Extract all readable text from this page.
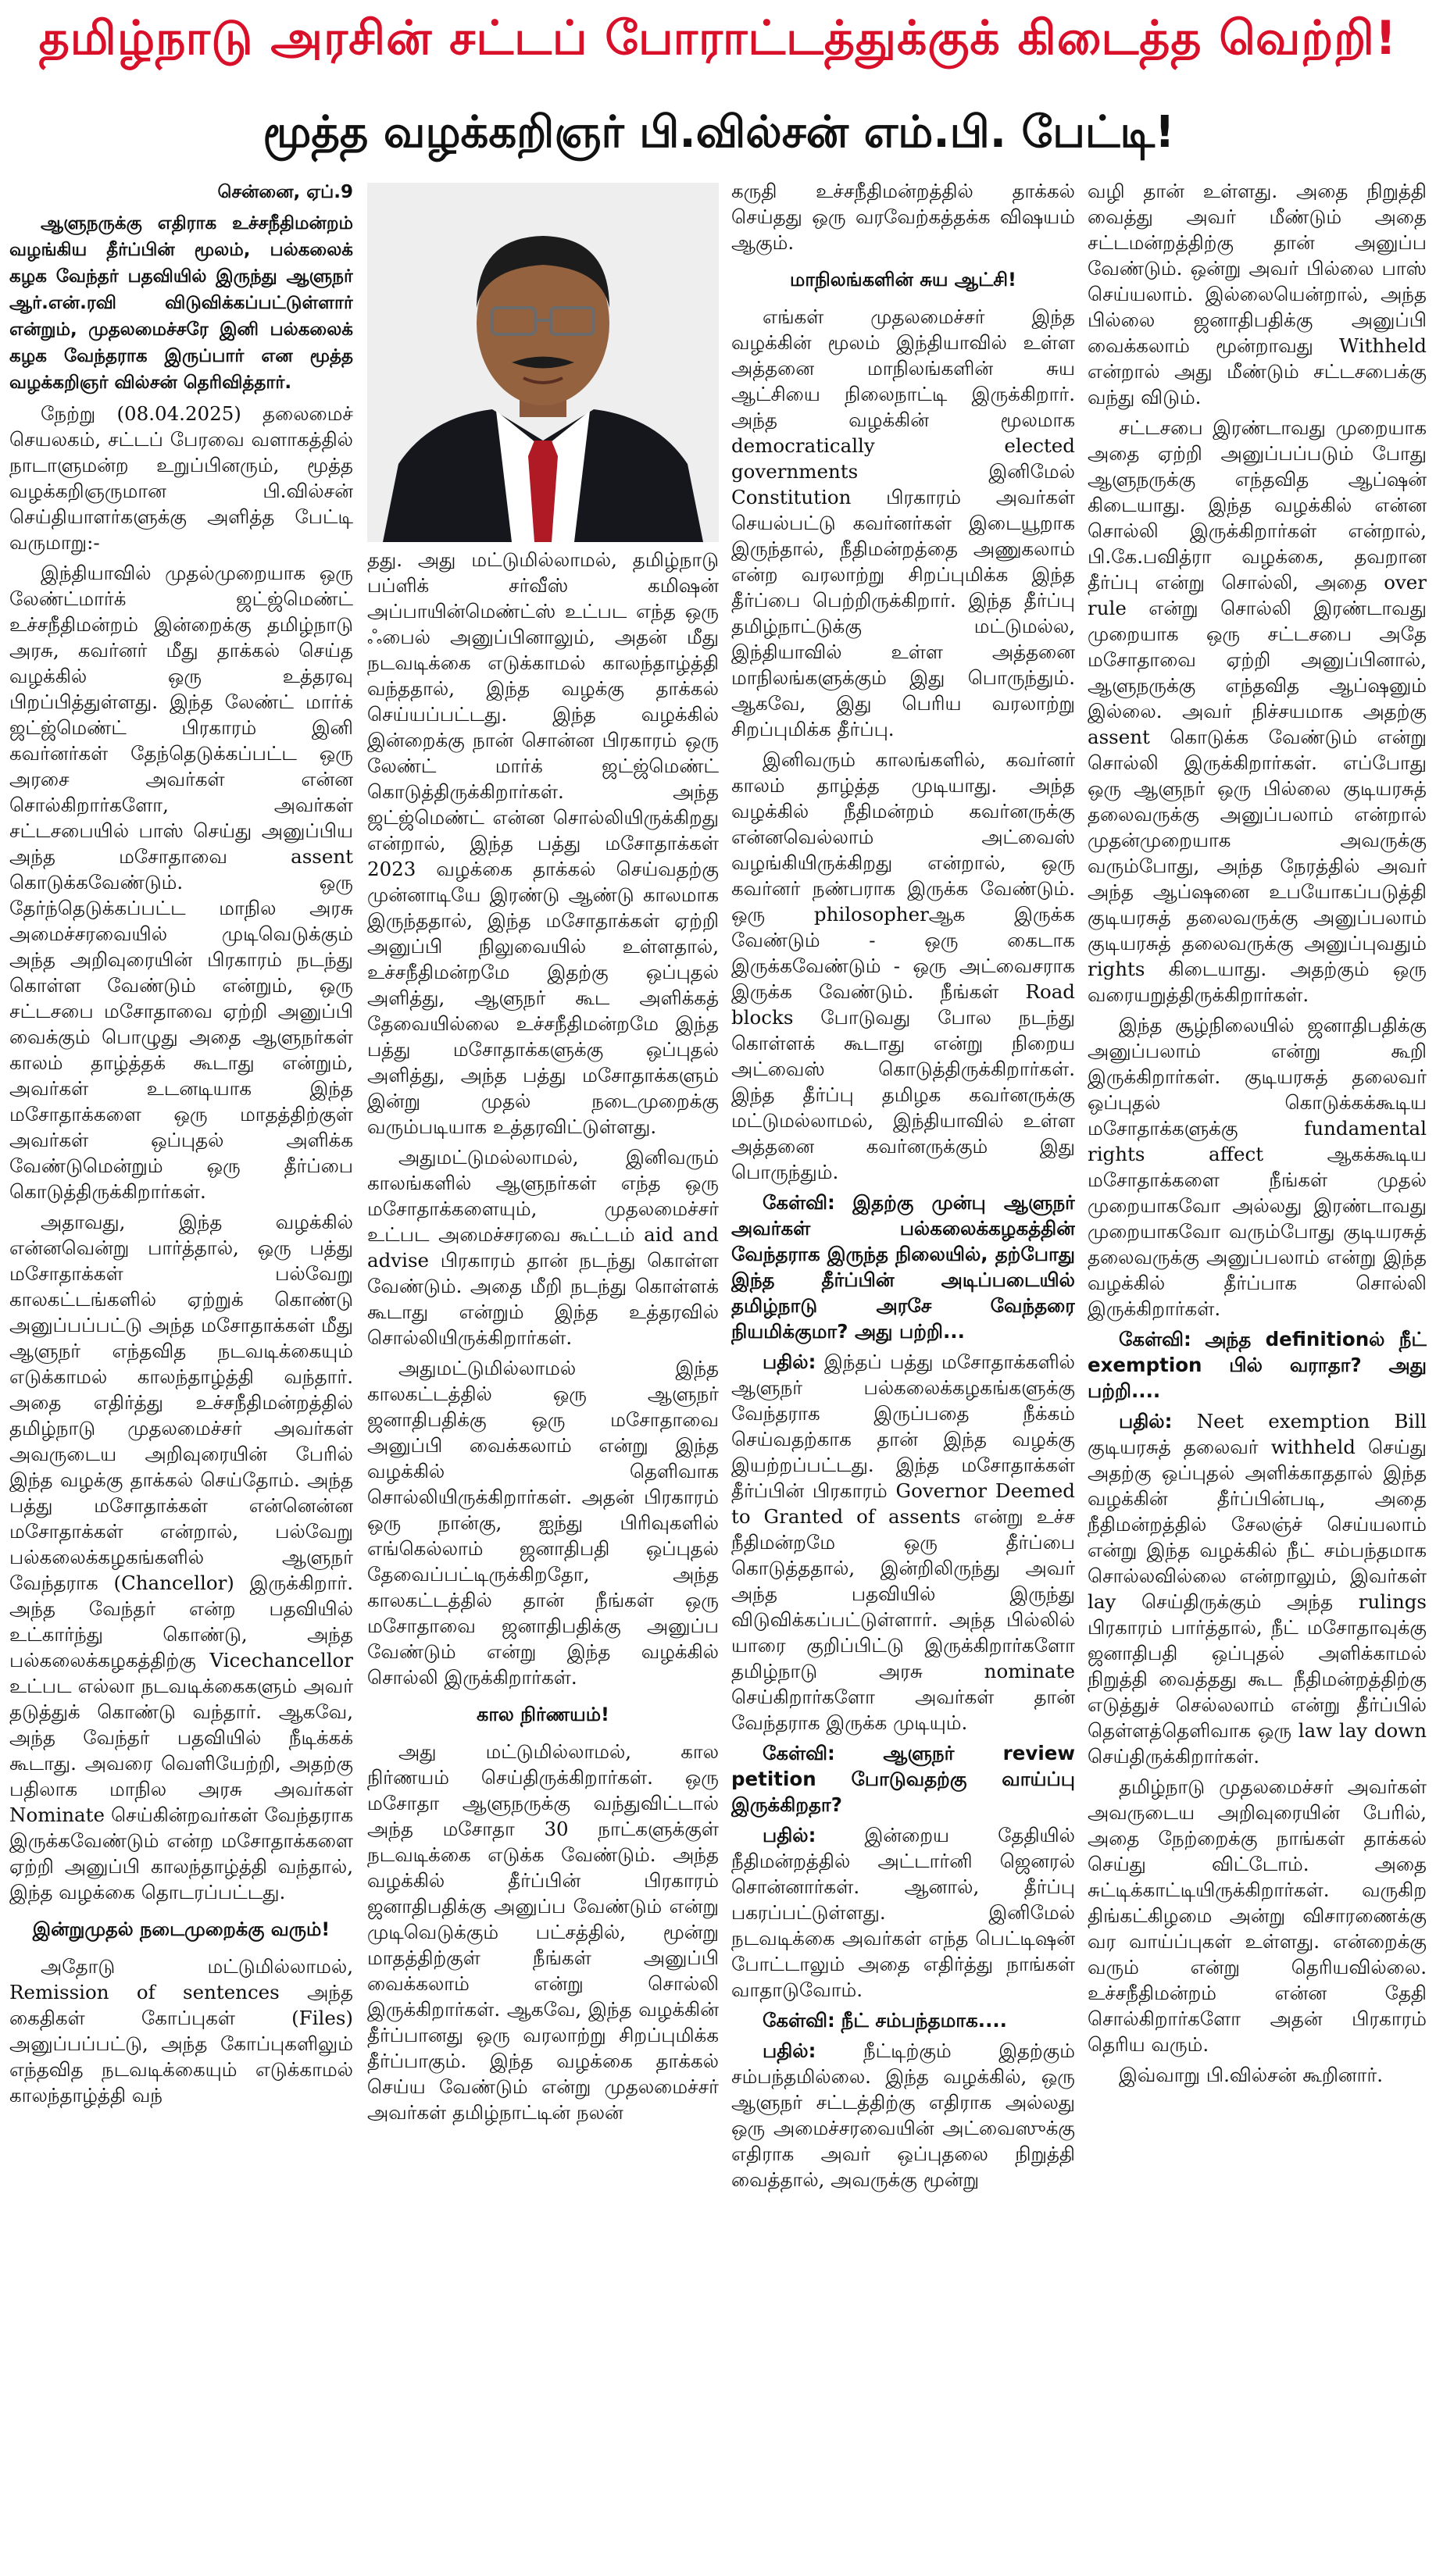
தமிழ்நாடு அரசின் சட்டப் போராட்டத்துக்குக் கிடைத்த வெற்றி!
மூத்த வழக்கறிஞர் பி.வில்சன் எம்.பி. பேட்டி!
சென்னை, ஏப்.9

ஆளுநருக்கு எதிராக உச்சநீதிமன்றம் வழங்கிய தீர்ப்பின் மூலம், பல்கலைக் கழக வேந்தர் பதவியில் இருந்து ஆளுநர் ஆர்.என்.ரவி விடுவிக்கப்பட்டுள்ளார் என்றும், முதலமைச்சரே இனி பல்கலைக் கழக வேந்தராக இருப்பார் என மூத்த வழக்கறிஞர் வில்சன் தெரிவித்தார்.

நேற்று (08.04.2025) தலைமைச் செயலகம், சட்டப் பேரவை வளாகத்தில் நாடாளுமன்ற உறுப்பினரும், மூத்த வழக்கறிஞருமான பி.வில்சன் செய்தியாளர்களுக்கு அளித்த பேட்டி வருமாறு:-

இந்தியாவில் முதல்முறையாக ஒரு லேண்ட்மார்க் ஜட்ஜ்மெண்ட் உச்சநீதிமன்றம் இன்றைக்கு தமிழ்நாடு அரசு, கவர்னர் மீது தாக்கல் செய்த வழக்கில் ஒரு உத்தரவு பிறப்பித்துள்ளது. இந்த லேண்ட் மார்க் ஜட்ஜ்மெண்ட் பிரகாரம் இனி கவர்னர்கள் தேந்தெடுக்கப்பட்ட ஒரு அரசை அவர்கள் என்ன சொல்கிறார்களோ, அவர்கள் சட்டசபையில் பாஸ் செய்து அனுப்பிய அந்த மசோதாவை assent கொடுக்கவேண்டும். ஒரு தேர்ந்தெடுக்கப்பட்ட மாநில அரசு அமைச்சரவையில் முடிவெடுக்கும் அந்த அறிவுரையின் பிரகாரம் நடந்து கொள்ள வேண்டும் என்றும், ஒரு சட்டசபை மசோதாவை ஏற்றி அனுப்பி வைக்கும் பொழுது அதை ஆளுநர்கள் காலம் தாழ்த்தக் கூடாது என்றும், அவர்கள் உடனடியாக இந்த மசோதாக்களை ஒரு மாதத்திற்குள் அவர்கள் ஒப்புதல் அளிக்க வேண்டுமென்றும் ஒரு தீர்ப்பை கொடுத்திருக்கிறார்கள்.

அதாவது, இந்த வழக்கில் என்னவென்று பார்த்தால், ஒரு பத்து மசோதாக்கள் பல்வேறு காலகட்டங்களில் ஏற்றுக் கொண்டு அனுப்பப்பட்டு அந்த மசோதாக்கள் மீது ஆளுநர் எந்தவித நடவடிக்கையும் எடுக்காமல் காலந்தாழ்த்தி வந்தார். அதை எதிர்த்து உச்சநீதிமன்றத்தில் தமிழ்நாடு முதலமைச்சர் அவர்கள் அவருடைய அறிவுரையின் பேரில் இந்த வழக்கு தாக்கல் செய்தோம். அந்த பத்து மசோதாக்கள் என்னென்ன மசோதாக்கள் என்றால், பல்வேறு பல்கலைக்கழகங்களில் ஆளுநர் வேந்தராக (Chancellor) இருக்கிறார். அந்த வேந்தர் என்ற பதவியில் உட்கார்ந்து கொண்டு, அந்த பல்கலைக்கழகத்திற்கு Vicechancellor உட்பட எல்லா நடவடிக்கைகளும் அவர் தடுத்துக் கொண்டு வந்தார். ஆகவே, அந்த வேந்தர் பதவியில் நீடிக்கக் கூடாது. அவரை வெளியேற்றி, அதற்கு பதிலாக மாநில அரசு அவர்கள் Nominate செய்கின்றவர்கள் வேந்தராக இருக்கவேண்டும் என்ற மசோதாக்களை ஏற்றி அனுப்பி காலந்தாழ்த்தி வந்தால், இந்த வழக்கை தொடரப்பட்டது.

இன்றுமுதல் நடைமுறைக்கு வரும்!

அதோடு மட்டுமில்லாமல், Remission of sentences அந்த கைதிகள் கோப்புகள் (Files) அனுப்பப்பட்டு, அந்த கோப்புகளிலும் எந்தவித நடவடிக்கையும் எடுக்காமல் காலந்தாழ்த்தி வந்

தது. அது மட்டுமில்லாமல், தமிழ்நாடு பப்ளிக் சர்வீஸ் கமிஷன் அப்பாயின்மெண்ட்ஸ் உட்பட எந்த ஒரு ஃபைல் அனுப்பினாலும், அதன் மீது நடவடிக்கை எடுக்காமல் காலந்தாழ்த்தி வந்ததால், இந்த வழக்கு தாக்கல் செய்யப்பட்டது. இந்த வழக்கில் இன்றைக்கு நான் சொன்ன பிரகாரம் ஒரு லேண்ட் மார்க் ஜட்ஜ்மெண்ட் கொடுத்திருக்கிறார்கள். அந்த ஜட்ஜ்மெண்ட் என்ன சொல்லியிருக்கிறது என்றால், இந்த பத்து மசோதாக்கள் 2023 வழக்கை தாக்கல் செய்வதற்கு முன்னாடியே இரண்டு ஆண்டு காலமாக இருந்ததால், இந்த மசோதாக்கள் ஏற்றி அனுப்பி நிலுவையில் உள்ளதால், உச்சநீதிமன்றமே இதற்கு ஒப்புதல் அளித்து, ஆளுநர் கூட அளிக்கத் தேவையில்லை உச்சநீதிமன்றமே இந்த பத்து மசோதாக்களுக்கு ஒப்புதல் அளித்து, அந்த பத்து மசோதாக்களும் இன்று முதல் நடைமுறைக்கு வரும்படியாக உத்தரவிட்டுள்ளது.

அதுமட்டுமல்லாமல், இனிவரும் காலங்களில் ஆளுநர்கள் எந்த ஒரு மசோதாக்களையும், முதலமைச்சர் உட்பட அமைச்சரவை கூட்டம் aid and advise பிரகாரம் தான் நடந்து கொள்ள வேண்டும். அதை மீறி நடந்து கொள்ளக் கூடாது என்றும் இந்த உத்தரவில் சொல்லியிருக்கிறார்கள்.

அதுமட்டுமில்லாமல் இந்த காலகட்டத்தில் ஒரு ஆளுநர் ஜனாதிபதிக்கு ஒரு மசோதாவை அனுப்பி வைக்கலாம் என்று இந்த வழக்கில் தெளிவாக சொல்லியிருக்கிறார்கள். அதன் பிரகாரம் ஒரு நான்கு, ஐந்து பிரிவுகளில் எங்கெல்லாம் ஜனாதிபதி ஒப்புதல் தேவைப்பட்டிருக்கிறதோ, அந்த காலகட்டத்தில் தான் நீங்கள் ஒரு மசோதாவை ஜனாதிபதிக்கு அனுப்ப வேண்டும் என்று இந்த வழக்கில் சொல்லி இருக்கிறார்கள்.

கால நிர்ணயம்!

அது மட்டுமில்லாமல், கால நிர்ணயம் செய்திருக்கிறார்கள். ஒரு மசோதா ஆளுநருக்கு வந்துவிட்டால் அந்த மசோதா 30 நாட்களுக்குள் நடவடிக்கை எடுக்க வேண்டும். அந்த வழக்கில் தீர்ப்பின் பிரகாரம் ஜனாதிபதிக்கு அனுப்ப வேண்டும் என்று முடிவெடுக்கும் பட்சத்தில், மூன்று மாதத்திற்குள் நீங்கள் அனுப்பி வைக்கலாம் என்று சொல்லி இருக்கிறார்கள். ஆகவே, இந்த வழக்கின் தீர்ப்பானது ஒரு வரலாற்று சிறப்புமிக்க தீர்ப்பாகும். இந்த வழக்கை தாக்கல் செய்ய வேண்டும் என்று முதலமைச்சர் அவர்கள் தமிழ்நாட்டின் நலன்

கருதி உச்சநீதிமன்றத்தில் தாக்கல் செய்தது ஒரு வரவேற்கத்தக்க விஷயம் ஆகும்.

மாநிலங்களின் சுய ஆட்சி!

எங்கள் முதலமைச்சர் இந்த வழக்கின் மூலம் இந்தியாவில் உள்ள அத்தனை மாநிலங்களின் சுய ஆட்சியை நிலைநாட்டி இருக்கிறார். அந்த வழக்கின் மூலமாக democratically elected governments இனிமேல் Constitution பிரகாரம் அவர்கள் செயல்பட்டு கவர்னர்கள் இடையூறாக இருந்தால், நீதிமன்றத்தை அணுகலாம் என்ற வரலாற்று சிறப்புமிக்க இந்த தீர்ப்பை பெற்றிருக்கிறார். இந்த தீர்ப்பு தமிழ்நாட்டுக்கு மட்டுமல்ல, இந்தியாவில் உள்ள அத்தனை மாநிலங்களுக்கும் இது பொருந்தும். ஆகவே, இது பெரிய வரலாற்று சிறப்புமிக்க தீர்ப்பு.

இனிவரும் காலங்களில், கவர்னர் காலம் தாழ்த்த முடியாது. அந்த வழக்கில் நீதிமன்றம் கவர்னருக்கு என்னவெல்லாம் அட்வைஸ் வழங்கியிருக்கிறது என்றால், ஒரு கவர்னர் நண்பராக இருக்க வேண்டும். ஒரு philosopherஆக இருக்க வேண்டும் - ஒரு கைடாக இருக்கவேண்டும் - ஒரு அட்வைசராக இருக்க வேண்டும். நீங்கள் Road blocks போடுவது போல நடந்து கொள்ளக் கூடாது என்று நிறைய அட்வைஸ் கொடுத்திருக்கிறார்கள். இந்த தீர்ப்பு தமிழக கவர்னருக்கு மட்டுமல்லாமல், இந்தியாவில் உள்ள அத்தனை கவர்னருக்கும் இது பொருந்தும்.

கேள்வி: இதற்கு முன்பு ஆளுநர் அவர்கள் பல்கலைக்கழகத்தின் வேந்தராக இருந்த நிலையில், தற்போது இந்த தீர்ப்பின் அடிப்படையில் தமிழ்நாடு அரசே வேந்தரை நியமிக்குமா? அது பற்றி...

பதில்: இந்தப் பத்து மசோதாக்களில் ஆளுநர் பல்கலைக்கழகங்களுக்கு வேந்தராக இருப்பதை நீக்கம் செய்வதற்காக தான் இந்த வழக்கு இயற்றப்பட்டது. இந்த மசோதாக்கள் தீர்ப்பின் பிரகாரம் Governor Deemed to Granted of assents என்று உச்ச நீதிமன்றமே ஒரு தீர்ப்பை கொடுத்ததால், இன்றிலிருந்து அவர் அந்த பதவியில் இருந்து விடுவிக்கப்பட்டுள்ளார். அந்த பில்லில் யாரை குறிப்பிட்டு இருக்கிறார்களோ தமிழ்நாடு அரசு nominate செய்கிறார்களோ அவர்கள் தான் வேந்தராக இருக்க முடியும்.

கேள்வி:	ஆளுநர் review petition போடுவதற்கு வாய்ப்பு இருக்கிறதா?

பதில்:	இன்றைய தேதியில் நீதிமன்றத்தில் அட்டார்னி ஜெனரல் சொன்னார்கள். ஆனால், தீர்ப்பு பகரப்பட்டுள்ளது. இனிமேல் நடவடிக்கை அவர்கள் எந்த பெட்டிஷன் போட்டாலும் அதை எதிர்த்து நாங்கள் வாதாடுவோம்.

கேள்வி: நீட் சம்பந்தமாக....

பதில்: நீட்டிற்கும் இதற்கும் சம்பந்தமில்லை. இந்த வழக்கில், ஒரு ஆளுநர் சட்டத்திற்கு எதிராக அல்லது ஒரு அமைச்சரவையின் அட்வைஸுக்கு எதிராக அவர் ஒப்புதலை நிறுத்தி வைத்தால், அவருக்கு மூன்று

வழி தான் உள்ளது. அதை நிறுத்தி வைத்து அவர் மீண்டும் அதை சட்டமன்றத்திற்கு தான் அனுப்ப வேண்டும். ஒன்று அவர் பில்லை பாஸ் செய்யலாம். இல்லையென்றால், அந்த பில்லை ஜனாதிபதிக்கு அனுப்பி வைக்கலாம் மூன்றாவது Withheld என்றால் அது மீண்டும் சட்டசபைக்கு வந்து விடும்.

சட்டசபை இரண்டாவது முறையாக அதை ஏற்றி அனுப்பப்படும் போது ஆளுநருக்கு எந்தவித ஆப்ஷன் கிடையாது. இந்த வழக்கில் என்ன சொல்லி இருக்கிறார்கள் என்றால், பி.கே.பவித்ரா வழக்கை, தவறான தீர்ப்பு என்று சொல்லி, அதை over rule என்று சொல்லி இரண்டாவது முறையாக ஒரு சட்டசபை அதே மசோதாவை ஏற்றி அனுப்பினால், ஆளுநருக்கு எந்தவித ஆப்ஷனும் இல்லை. அவர் நிச்சயமாக அதற்கு assent கொடுக்க வேண்டும் என்று சொல்லி இருக்கிறார்கள். எப்போது ஒரு ஆளுநர் ஒரு பில்லை குடியரசுத் தலைவருக்கு அனுப்பலாம் என்றால் முதன்முறையாக அவருக்கு வரும்போது, அந்த நேரத்தில் அவர் அந்த ஆப்ஷனை உபயோகப்படுத்தி குடியரசுத் தலைவருக்கு அனுப்பலாம் குடியரசுத் தலைவருக்கு அனுப்புவதும் rights கிடையாது. அதற்கும் ஒரு வரையறுத்திருக்கிறார்கள்.

இந்த சூழ்நிலையில் ஜனாதிபதிக்கு அனுப்பலாம் என்று கூறி இருக்கிறார்கள். குடியரசுத் தலைவர் ஒப்புதல் கொடுக்கக்கூடிய மசோதாக்களுக்கு fundamental rights affect ஆகக்கூடிய மசோதாக்களை நீங்கள் முதல் முறையாகவோ அல்லது இரண்டாவது முறையாகவோ வரும்போது குடியரசுத் தலைவருக்கு அனுப்பலாம் என்று இந்த வழக்கில் தீர்ப்பாக சொல்லி இருக்கிறார்கள்.

கேள்வி: அந்த definitionல் நீட் exemption பில் வராதா? அது பற்றி....

பதில்: Neet exemption Bill குடியரசுத் தலைவர் withheld செய்து அதற்கு ஒப்புதல் அளிக்காததால் இந்த வழக்கின் தீர்ப்பின்படி, அதை நீதிமன்றத்தில் சேலஞ்ச் செய்யலாம் என்று இந்த வழக்கில் நீட் சம்பந்தமாக சொல்லவில்லை என்றாலும், இவர்கள் lay செய்திருக்கும் அந்த rulings பிரகாரம் பார்த்தால், நீட் மசோதாவுக்கு ஜனாதிபதி ஒப்புதல் அளிக்காமல் நிறுத்தி வைத்தது கூட நீதிமன்றத்திற்கு எடுத்துச் செல்லலாம் என்று தீர்ப்பில் தெள்ளத்தெளிவாக ஒரு law lay down செய்திருக்கிறார்கள்.

தமிழ்நாடு முதலமைச்சர் அவர்கள் அவருடைய அறிவுரையின் பேரில், அதை நேற்றைக்கு நாங்கள் தாக்கல் செய்து விட்டோம். அதை சுட்டிக்காட்டியிருக்கிறார்கள். வருகிற திங்கட்கிழமை அன்று விசாரணைக்கு வர வாய்ப்புகள் உள்ளது. என்றைக்கு வரும் என்று தெரியவில்லை. உச்சநீதிமன்றம் என்ன தேதி சொல்கிறார்களோ அதன் பிரகாரம் தெரிய வரும்.

இவ்வாறு பி.வில்சன் கூறினார்.
